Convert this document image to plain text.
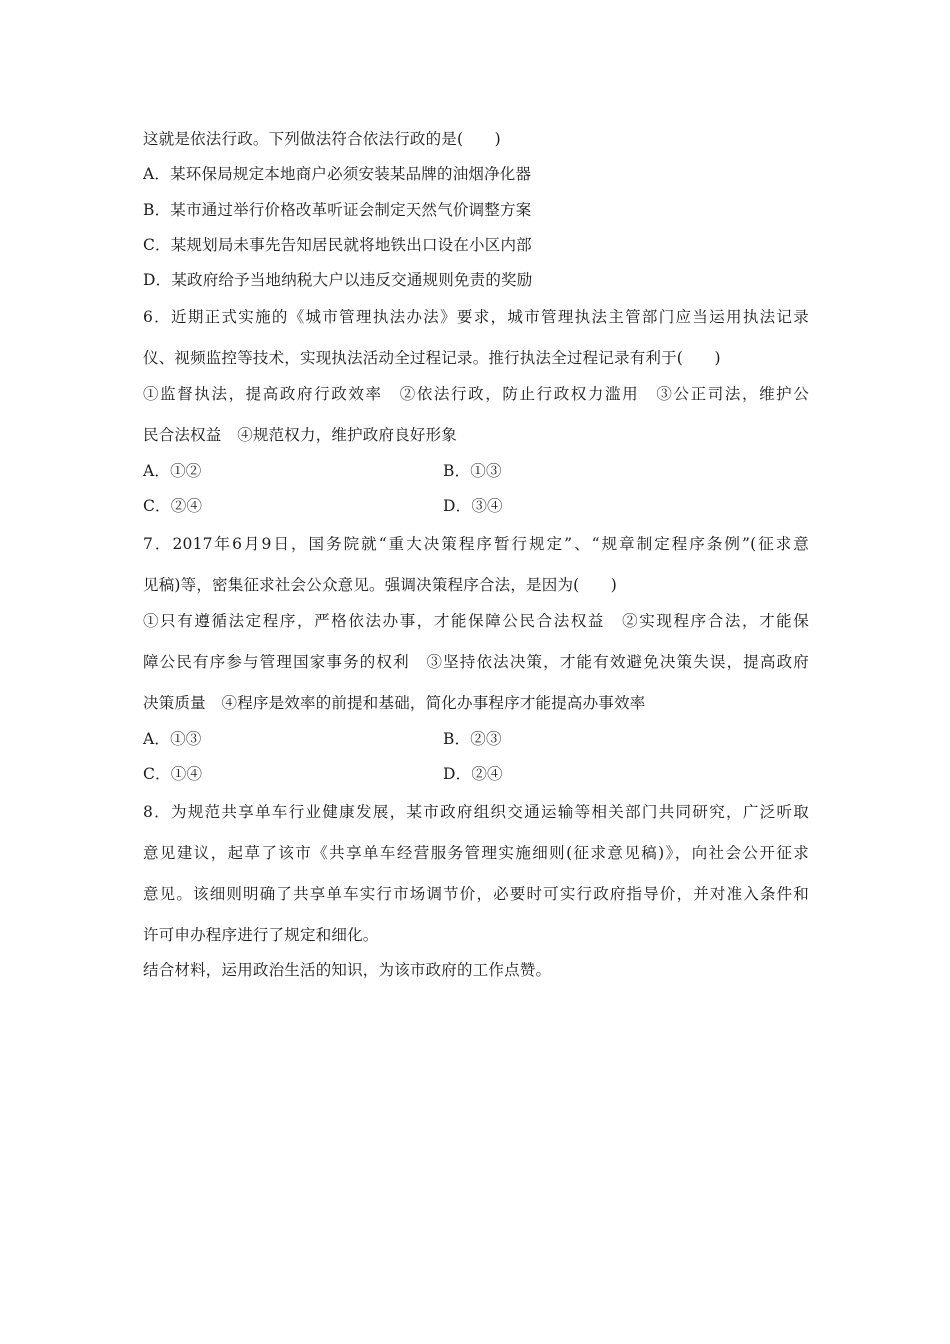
这就是依法行政。下列做法符合依法行政的是(　　)
A．某环保局规定本地商户必须安装某品牌的油烟净化器
B．某市通过举行价格改革听证会制定天然气价调整方案
C．某规划局未事先告知居民就将地铁出口设在小区内部
D．某政府给予当地纳税大户以违反交通规则免责的奖励
6．近期正式实施的《城市管理执法办法》要求，城市管理执法主管部门应当运用执法记录
仪、视频监控等技术，实现执法活动全过程记录。推行执法全过程记录有利于(　　)
①监督执法，提高政府行政效率　②依法行政，防止行政权力滥用　③公正司法，维护公
民合法权益　④规范权力，维护政府良好形象
A．①②	B．①③
C．②④	D．③④
7．2017年6月9日，国务院就“重大决策程序暂行规定”、“规章制定程序条例”(征求意
见稿)等，密集征求社会公众意见。强调决策程序合法，是因为(　　)
①只有遵循法定程序，严格依法办事，才能保障公民合法权益　②实现程序合法，才能保
障公民有序参与管理国家事务的权利　③坚持依法决策，才能有效避免决策失误，提高政府
决策质量　④程序是效率的前提和基础，简化办事程序才能提高办事效率
A．①③	B．②③
C．①④	D．②④
8．为规范共享单车行业健康发展，某市政府组织交通运输等相关部门共同研究，广泛听取
意见建议，起草了该市《共享单车经营服务管理实施细则(征求意见稿)》，向社会公开征求
意见。该细则明确了共享单车实行市场调节价，必要时可实行政府指导价，并对准入条件和
许可申办程序进行了规定和细化。
结合材料，运用政治生活的知识，为该市政府的工作点赞。
